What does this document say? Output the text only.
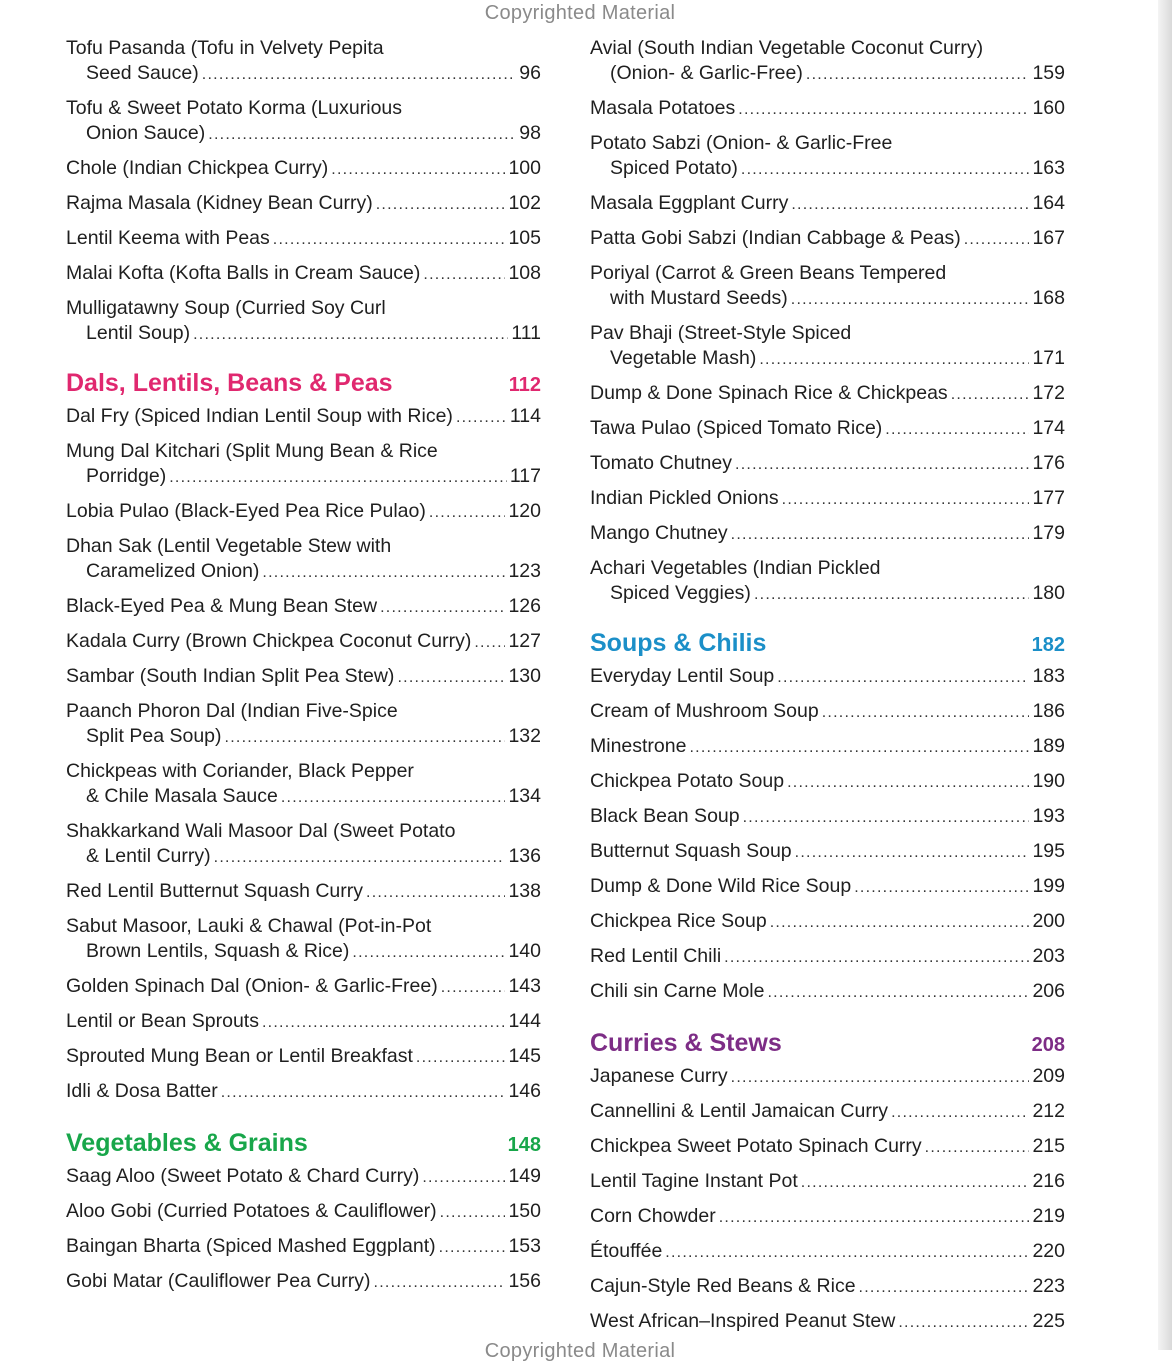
Copyrighted Material
Tofu Pasanda (Tofu in Velvety Pepita
Seed Sauce) . . .	96
Tofu & Sweet Potato Korma (Luxurious
Onion Sauce) . . .	98
Chole (Indian Chickpea Curry) . . .	100
Rajma Masala (Kidney Bean Curry) . . .	102
Lentil Keema with Peas . . .	105
Malai Kofta (Kofta Balls in Cream Sauce) . . .	108
Mulligatawny Soup (Curried Soy Curl
Lentil Soup) . . .	111
Dals, Lentils, Beans & Peas	112
Dal Fry (Spiced Indian Lentil Soup with Rice) . . .	114
Mung Dal Kitchari (Split Mung Bean & Rice
Porridge) . . .	117
Lobia Pulao (Black-Eyed Pea Rice Pulao) . . .	120
Dhan Sak (Lentil Vegetable Stew with
Caramelized Onion) . . .	123
Black-Eyed Pea & Mung Bean Stew . . .	126
Kadala Curry (Brown Chickpea Coconut Curry) . . . 127
Sambar (South Indian Split Pea Stew) . . .	130
Paanch Phoron Dal (Indian Five-Spice
Split Pea Soup) . . .	132
Chickpeas with Coriander, Black Pepper
& Chile Masala Sauce . . .	134
Shakkarkand Wali Masoor Dal (Sweet Potato
& Lentil Curry) . . .	136
Red Lentil Butternut Squash Curry . . .	138
Sabut Masoor, Lauki & Chawal (Pot-in-Pot
Brown Lentils, Squash & Rice) . . .	140
Golden Spinach Dal (Onion- & Garlic-Free) . . .	143
Lentil or Bean Sprouts . . .	144
Sprouted Mung Bean or Lentil Breakfast . . .	145
Idli & Dosa Batter . . .	146
Vegetables & Grains	148
Saag Aloo (Sweet Potato & Chard Curry) . . .	149
Aloo Gobi (Curried Potatoes & Cauliflower) . . .	150
Baingan Bharta (Spiced Mashed Eggplant) . . .	153
Gobi Matar (Cauliflower Pea Curry) . . .	156
Avial (South Indian Vegetable Coconut Curry)
(Onion- & Garlic-Free) . . .	159
Masala Potatoes . . .	160
Potato Sabzi (Onion- & Garlic-Free
Spiced Potato) . . .	163
Masala Eggplant Curry . . .	164
Patta Gobi Sabzi (Indian Cabbage & Peas) . . .	167
Poriyal (Carrot & Green Beans Tempered
with Mustard Seeds) . . .	168
Pav Bhaji (Street-Style Spiced
Vegetable Mash) . . .	171
Dump & Done Spinach Rice & Chickpeas . . .	172
Tawa Pulao (Spiced Tomato Rice) . . .	174
Tomato Chutney . . .	176
Indian Pickled Onions . . .	177
Mango Chutney . . .	179
Achari Vegetables (Indian Pickled
Spiced Veggies) . . .	180
Soups & Chilis	182
Everyday Lentil Soup . . .	183
Cream of Mushroom Soup . . .	186
Minestrone . . .	189
Chickpea Potato Soup . . .	190
Black Bean Soup . . .	193
Butternut Squash Soup . . .	195
Dump & Done Wild Rice Soup . . .	199
Chickpea Rice Soup . . .	200
Red Lentil Chili . . .	203
Chili sin Carne Mole . . .	206
Curries & Stews	208
Japanese Curry . . .	209
Cannellini & Lentil Jamaican Curry . . .	212
Chickpea Sweet Potato Spinach Curry . . .	215
Lentil Tagine Instant Pot . . .	216
Corn Chowder . . .	219
Étouffée . . .	220
Cajun-Style Red Beans & Rice . . .	223
West African–Inspired Peanut Stew . . .	225
Copyrighted Material
